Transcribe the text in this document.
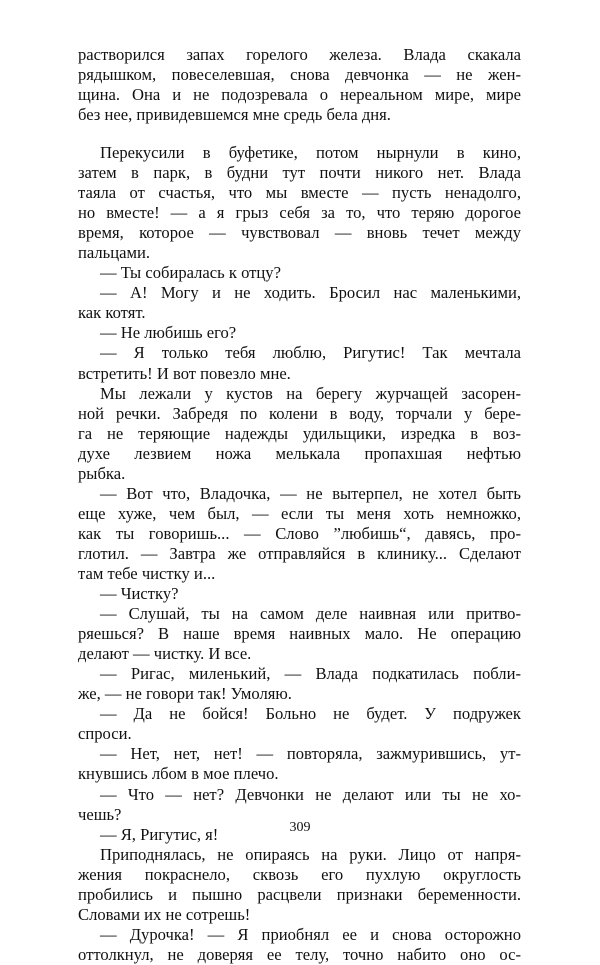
растворился запах горелого железа. Влада скакала
рядышком, повеселевшая, снова девчонка — не жен-
щина. Она и не подозревала о нереальном мире, мире
без нее, привидевшемся мне средь бела дня.
Перекусили в буфетике, потом нырнули в кино,
затем в парк, в будни тут почти никого нет. Влада
таяла от счастья, что мы вместе — пусть ненадолго,
но вместе! — а я грыз себя за то, что теряю дорогое
время, которое — чувствовал — вновь течет между
пальцами.
— Ты собиралась к отцу?
— А! Могу и не ходить. Бросил нас маленькими,
как котят.
— Не любишь его?
— Я только тебя люблю, Ригутис! Так мечтала
встретить! И вот повезло мне.
Мы лежали у кустов на берегу журчащей засорен-
ной речки. Забредя по колени в воду, торчали у бере-
га не теряющие надежды удильщики, изредка в воз-
духе лезвием ножа мелькала пропахшая нефтью
рыбка.
— Вот что, Владочка, — не вытерпел, не хотел быть
еще хуже, чем был, — если ты меня хоть немножко,
как ты говоришь... — Слово ”любишь“, давясь, про-
глотил. — Завтра же отправляйся в клинику... Сделают
там тебе чистку и...
— Чистку?
— Слушай, ты на самом деле наивная или притво-
ряешься? В наше время наивных мало. Не операцию
делают — чистку. И все.
— Ригас, миленький, — Влада подкатилась побли-
же, — не говори так! Умоляю.
— Да не бойся! Больно не будет. У подружек
спроси.
— Нет, нет, нет! — повторяла, зажмурившись, ут-
кнувшись лбом в мое плечо.
— Что — нет? Девчонки не делают или ты не хо-
чешь?
— Я, Ригутис, я!
Приподнялась, не опираясь на руки. Лицо от напря-
жения покраснело, сквозь его пухлую округлость
пробились и пышно расцвели признаки беременности.
Словами их не сотрешь!
— Дурочка! — Я приобнял ее и снова осторожно
оттолкнул, не доверяя ее телу, точно набито оно ос-
309
